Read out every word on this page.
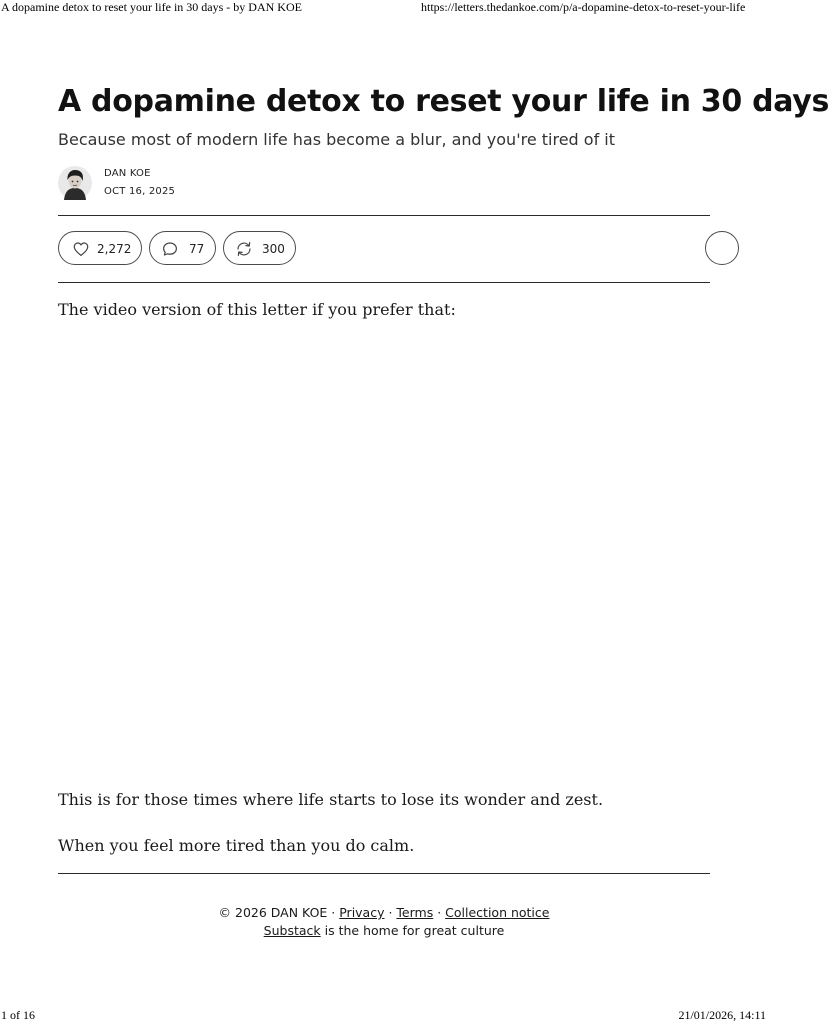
A dopamine detox to reset your life in 30 days - by DAN KOE	https://letters.thedankoe.com/p/a-dopamine-detox-to-reset-your-life
A dopamine detox to reset your life in 30 days

Because most of modern life has become a blur, and you're tired of it

DAN KOE
OCT 16, 2025
2,272	77	300

The video version of this letter if you prefer that:

This is for those times where life starts to lose its wonder and zest.

When you feel more tired than you do calm.

© 2026 DAN KOE · Privacy · Terms · Collection notice
Substack is the home for great culture
1 of 16	21/01/2026, 14:11
